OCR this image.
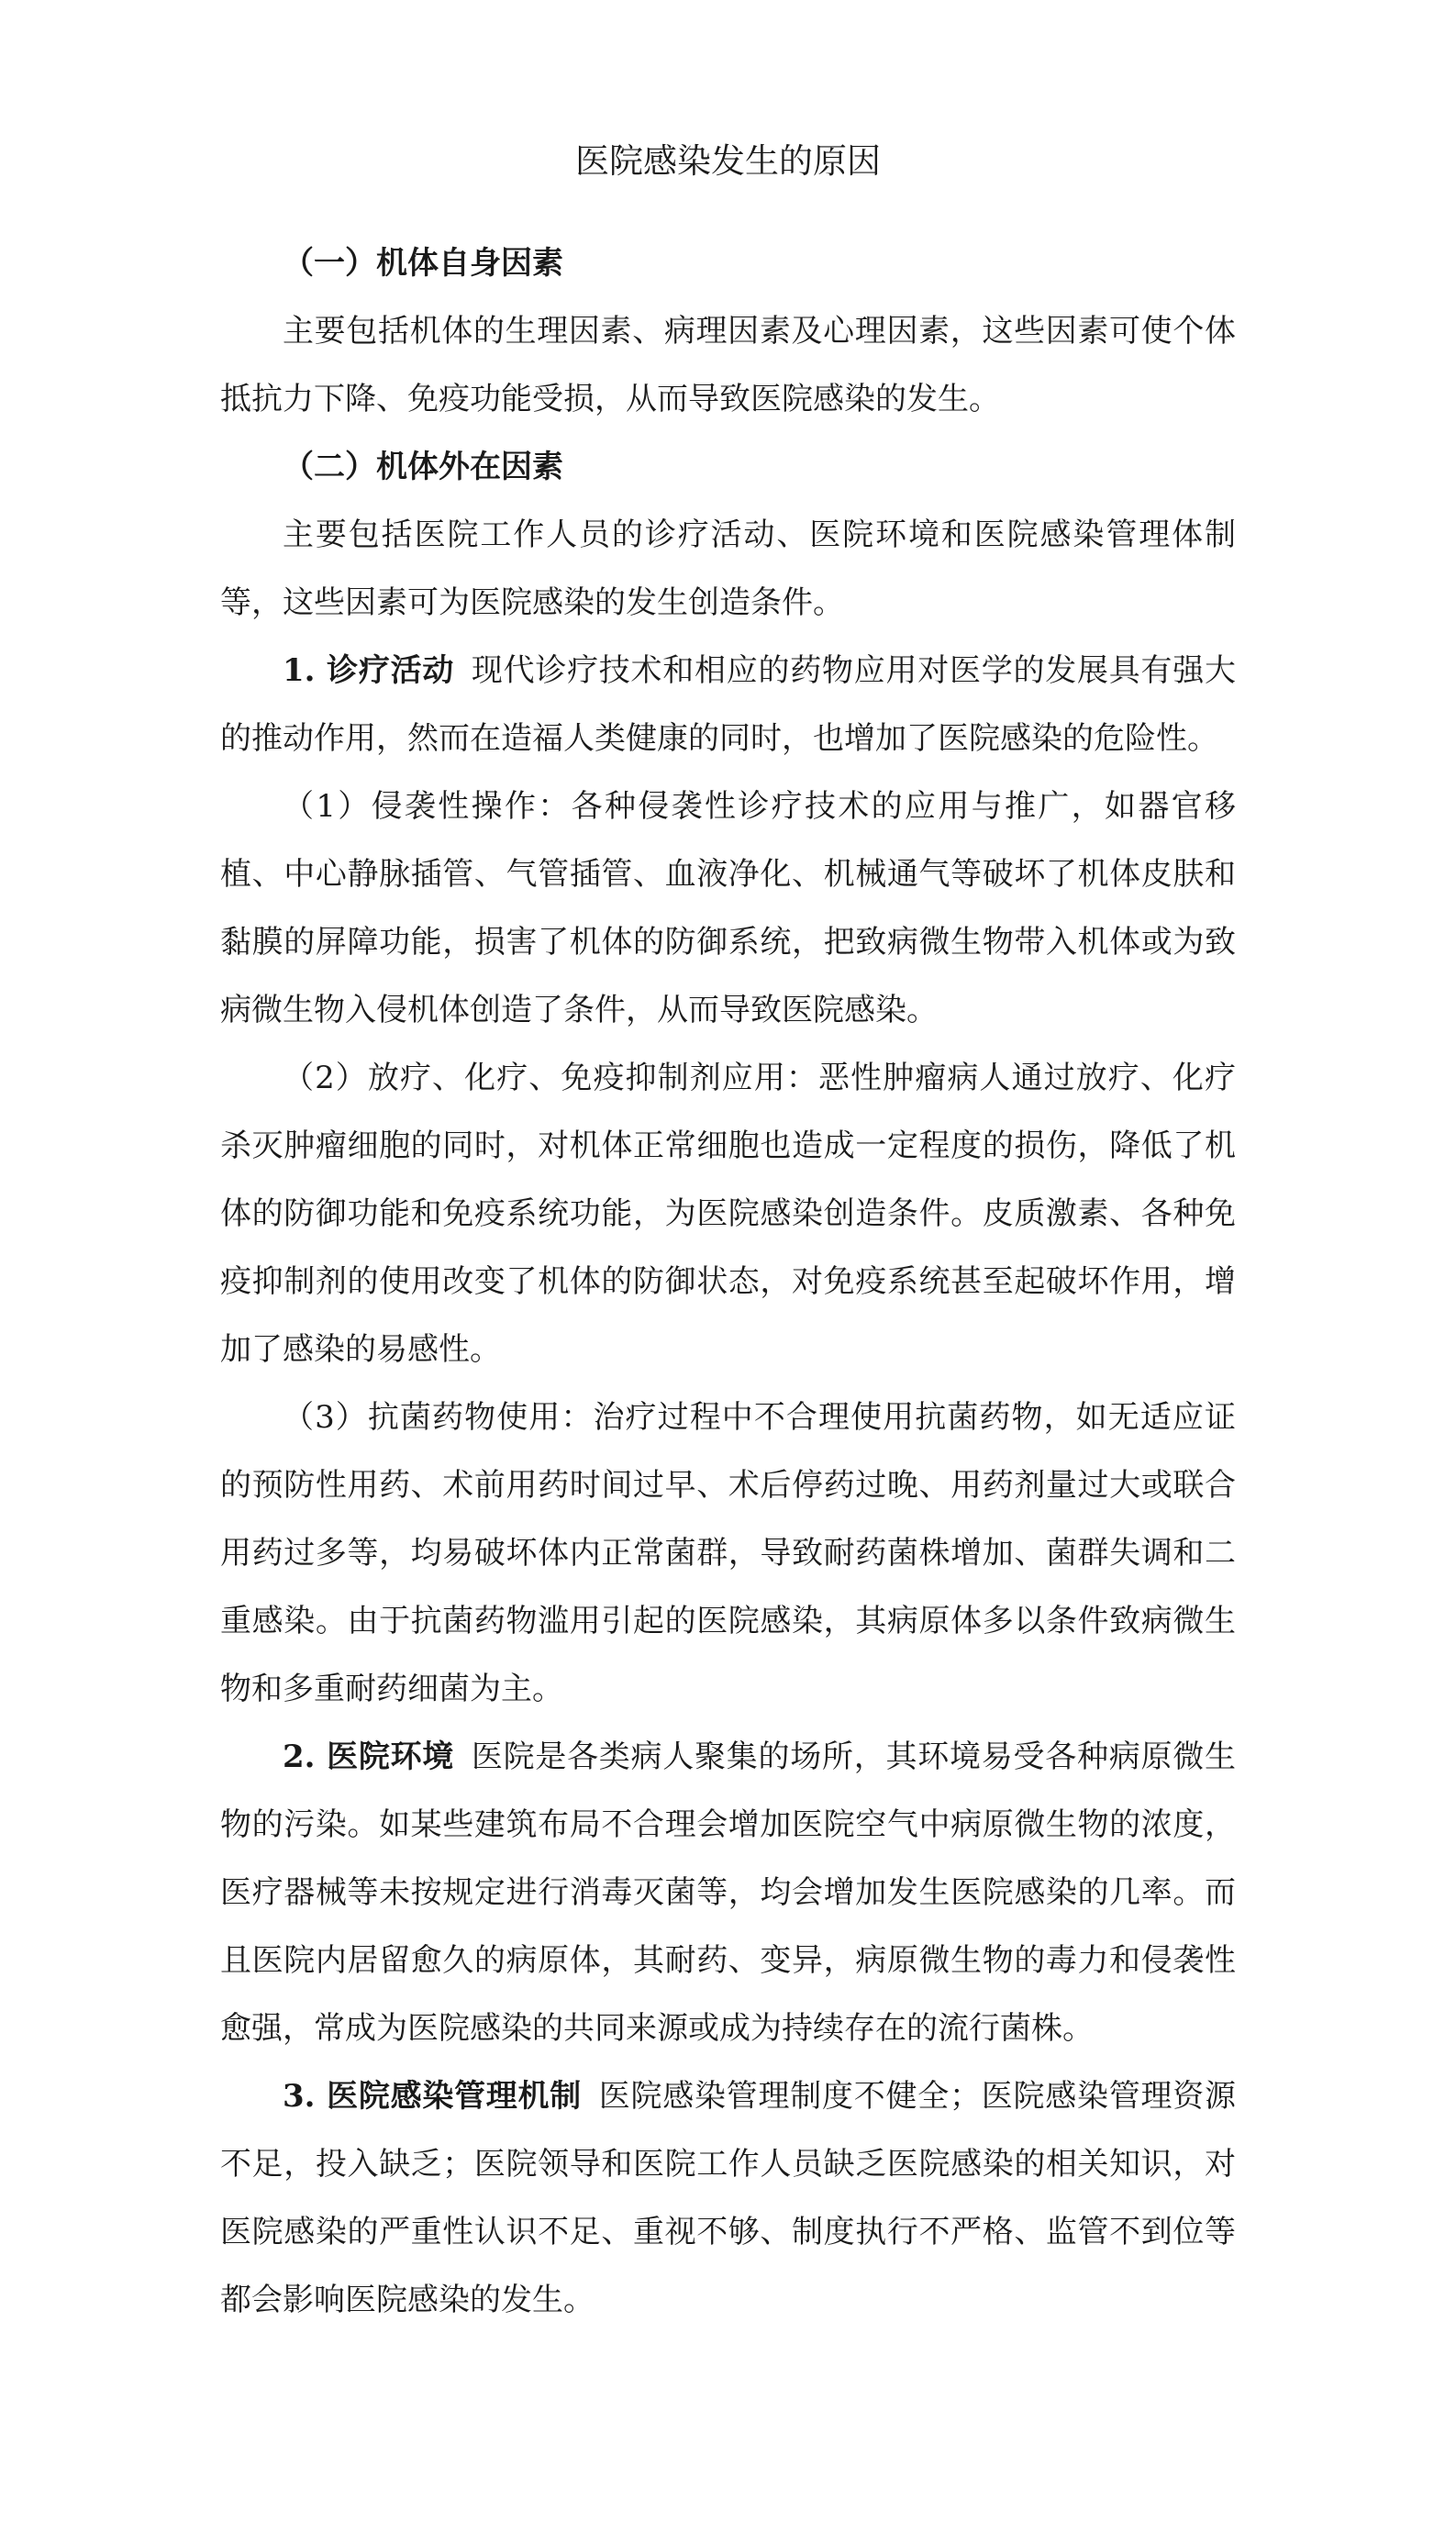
医院感染发生的原因

（一）机体自身因素

主要包括机体的生理因素、病理因素及心理因素，这些因素可使个体抵抗力下降、免疫功能受损，从而导致医院感染的发生。

（二）机体外在因素

主要包括医院工作人员的诊疗活动、医院环境和医院感染管理体制等，这些因素可为医院感染的发生创造条件。

1. 诊疗活动 现代诊疗技术和相应的药物应用对医学的发展具有强大的推动作用，然而在造福人类健康的同时，也增加了医院感染的危险性。

（1）侵袭性操作：各种侵袭性诊疗技术的应用与推广，如器官移植、中心静脉插管、气管插管、血液净化、机械通气等破坏了机体皮肤和黏膜的屏障功能，损害了机体的防御系统，把致病微生物带入机体或为致病微生物入侵机体创造了条件，从而导致医院感染。

（2）放疗、化疗、免疫抑制剂应用：恶性肿瘤病人通过放疗、化疗杀灭肿瘤细胞的同时，对机体正常细胞也造成一定程度的损伤，降低了机体的防御功能和免疫系统功能，为医院感染创造条件。皮质激素、各种免疫抑制剂的使用改变了机体的防御状态，对免疫系统甚至起破坏作用，增加了感染的易感性。

（3）抗菌药物使用：治疗过程中不合理使用抗菌药物，如无适应证的预防性用药、术前用药时间过早、术后停药过晚、用药剂量过大或联合用药过多等，均易破坏体内正常菌群，导致耐药菌株增加、菌群失调和二重感染。由于抗菌药物滥用引起的医院感染，其病原体多以条件致病微生物和多重耐药细菌为主。

2. 医院环境 医院是各类病人聚集的场所，其环境易受各种病原微生物的污染。如某些建筑布局不合理会增加医院空气中病原微生物的浓度，医疗器械等未按规定进行消毒灭菌等，均会增加发生医院感染的几率。而且医院内居留愈久的病原体，其耐药、变异，病原微生物的毒力和侵袭性愈强，常成为医院感染的共同来源或成为持续存在的流行菌株。

3. 医院感染管理机制 医院感染管理制度不健全；医院感染管理资源不足，投入缺乏；医院领导和医院工作人员缺乏医院感染的相关知识，对医院感染的严重性认识不足、重视不够、制度执行不严格、监管不到位等都会影响医院感染的发生。
